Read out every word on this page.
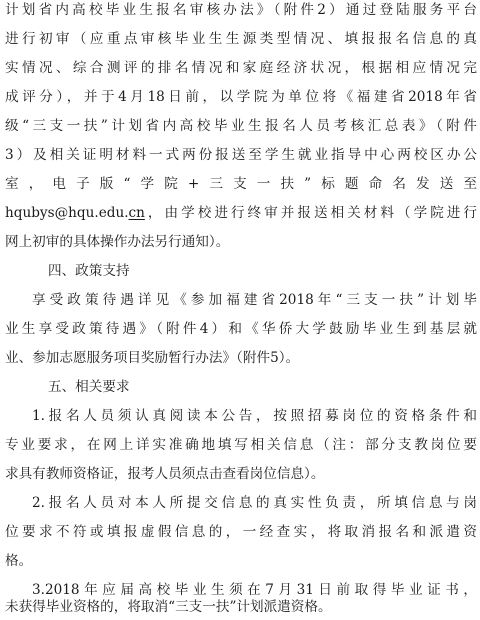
计划省内高校毕业生报名审核办法》（附件2）通过登陆服务平台
进行初审（应重点审核毕业生生源类型情况、填报报名信息的真
实情况、综合测评的排名情况和家庭经济状况，根据相应情况完
成评分），并于4月18日前，以学院为单位将《福建省2018年省
级“三支一扶”计划省内高校毕业生报名人员考核汇总表》（附件
3）及相关证明材料一式两份报送至学生就业指导中心两校区办公
室，电子版“学院+三支一扶”标题命名发送至
hqubys@hqu.edu.cn，由学校进行终审并报送相关材料（学院进行
网上初审的具体操作办法另行通知）。
四、政策支持
享受政策待遇详见《参加福建省2018年“三支一扶”计划毕
业生享受政策待遇》（附件4）和《华侨大学鼓励毕业生到基层就
业、参加志愿服务项目奖励暂行办法》（附件5）。
五、相关要求
1.报名人员须认真阅读本公告，按照招募岗位的资格条件和
专业要求，在网上详实准确地填写相关信息（注：部分支教岗位要
求具有教师资格证，报考人员须点击查看岗位信息）。
2.报名人员对本人所提交信息的真实性负责，所填信息与岗
位要求不符或填报虚假信息的，一经查实，将取消报名和派遣资
格。
3.2018年应届高校毕业生须在7月31日前取得毕业证书，
未获得毕业资格的，将取消“三支一扶”计划派遣资格。
